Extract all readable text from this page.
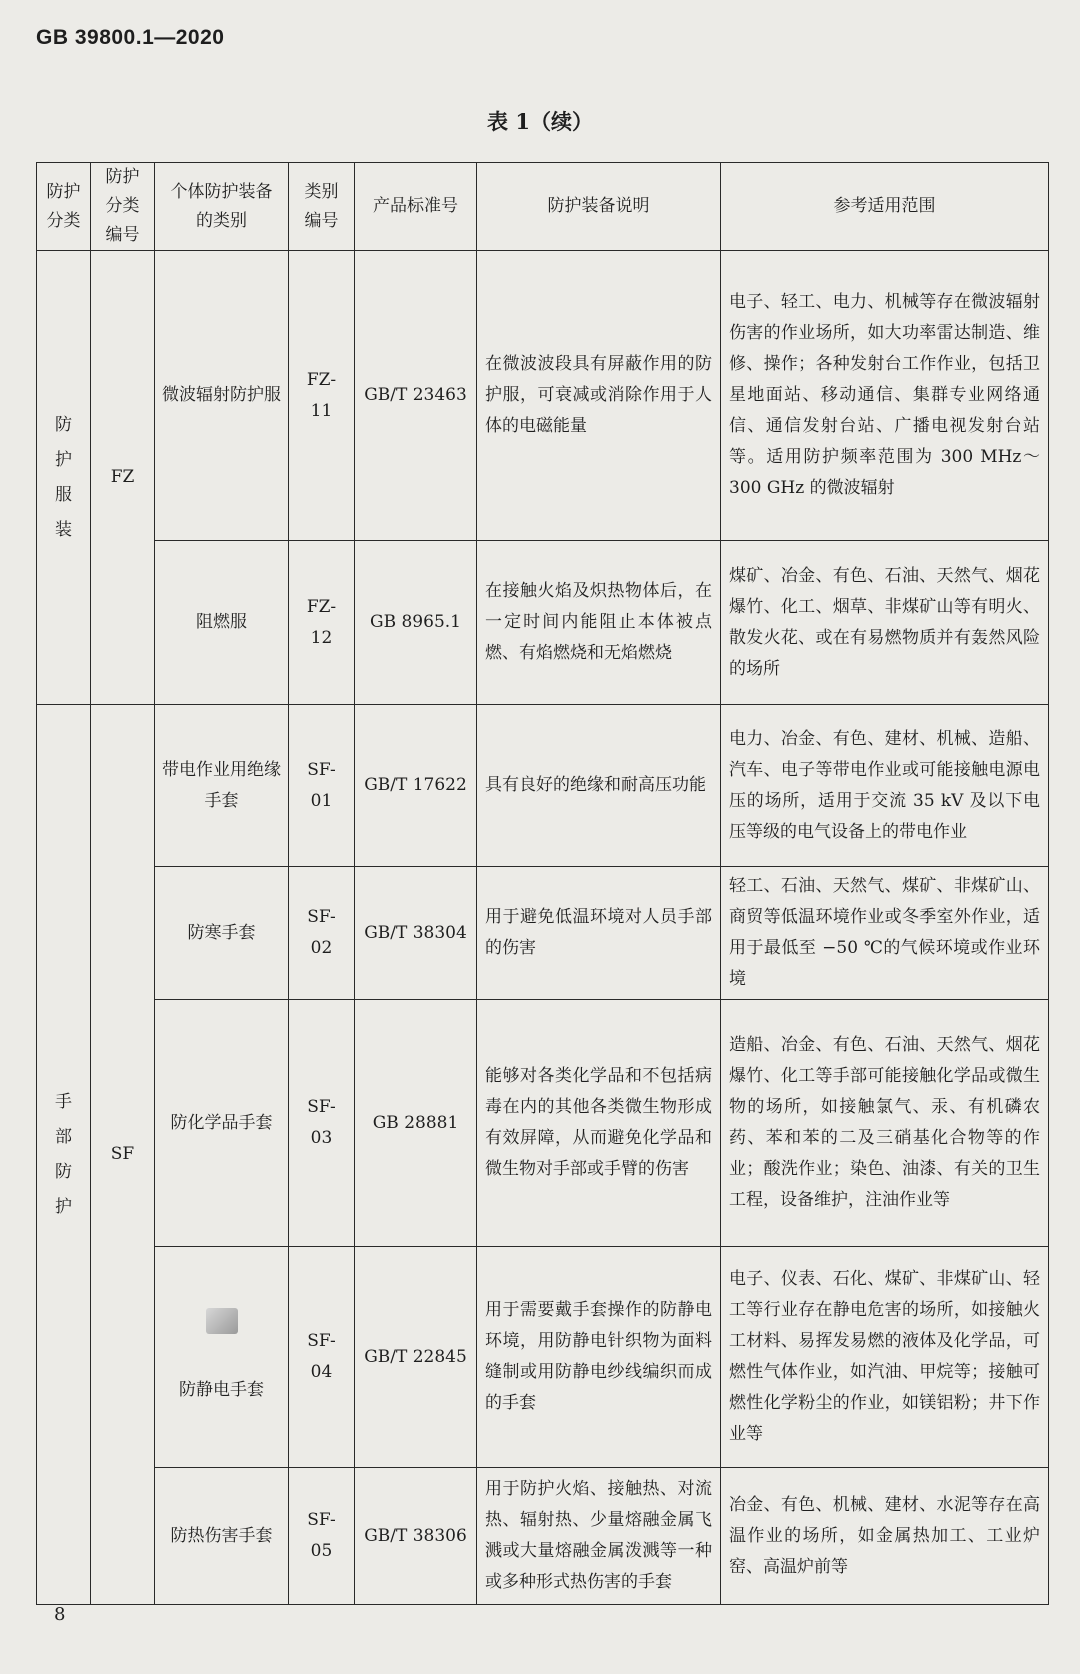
GB 39800.1—2020
表 1（续）
防护分类	防护分类编号	个体防护装备的类别	类别编号	产品标准号	防护装备说明	参考适用范围

防
护
服
装	FZ	微波辐射防护服	FZ-11	GB/T 23463	在微波波段具有屏蔽作用的防护服，可衰减或消除作用于人体的电磁能量	电子、轻工、电力、机械等存在微波辐射伤害的作业场所，如大功率雷达制造、维修、操作；各种发射台工作作业，包括卫星地面站、移动通信、集群专业网络通信、通信发射台站、广播电视发射台站等。适用防护频率范围为 300 MHz～300 GHz 的微波辐射
		阻燃服	FZ-12	GB 8965.1	在接触火焰及炽热物体后，在一定时间内能阻止本体被点燃、有焰燃烧和无焰燃烧	煤矿、冶金、有色、石油、天然气、烟花爆竹、化工、烟草、非煤矿山等有明火、散发火花、或在有易燃物质并有轰然风险的场所

手
部
防
护	SF	带电作业用绝缘手套	SF-01	GB/T 17622	具有良好的绝缘和耐高压功能	电力、冶金、有色、建材、机械、造船、汽车、电子等带电作业或可能接触电源电压的场所，适用于交流 35 kV 及以下电压等级的电气设备上的带电作业
		防寒手套	SF-02	GB/T 38304	用于避免低温环境对人员手部的伤害	轻工、石油、天然气、煤矿、非煤矿山、商贸等低温环境作业或冬季室外作业，适用于最低至 −50 ℃的气候环境或作业环境
		防化学品手套	SF-03	GB 28881	能够对各类化学品和不包括病毒在内的其他各类微生物形成有效屏障，从而避免化学品和微生物对手部或手臂的伤害	造船、冶金、有色、石油、天然气、烟花爆竹、化工等手部可能接触化学品或微生物的场所，如接触氯气、汞、有机磷农药、苯和苯的二及三硝基化合物等的作业；酸洗作业；染色、油漆、有关的卫生工程，设备维护，注油作业等

		防静电手套	SF-04	GB/T 22845	用于需要戴手套操作的防静电环境，用防静电针织物为面料缝制或用防静电纱线编织而成的手套	电子、仪表、石化、煤矿、非煤矿山、轻工等行业存在静电危害的场所，如接触火工材料、易挥发易燃的液体及化学品，可燃性气体作业，如汽油、甲烷等；接触可燃性化学粉尘的作业，如镁铝粉；井下作业等
		防热伤害手套	SF-05	GB/T 38306	用于防护火焰、接触热、对流热、辐射热、少量熔融金属飞溅或大量熔融金属泼溅等一种或多种形式热伤害的手套	冶金、有色、机械、建材、水泥等存在高温作业的场所，如金属热加工、工业炉窑、高温炉前等
8
